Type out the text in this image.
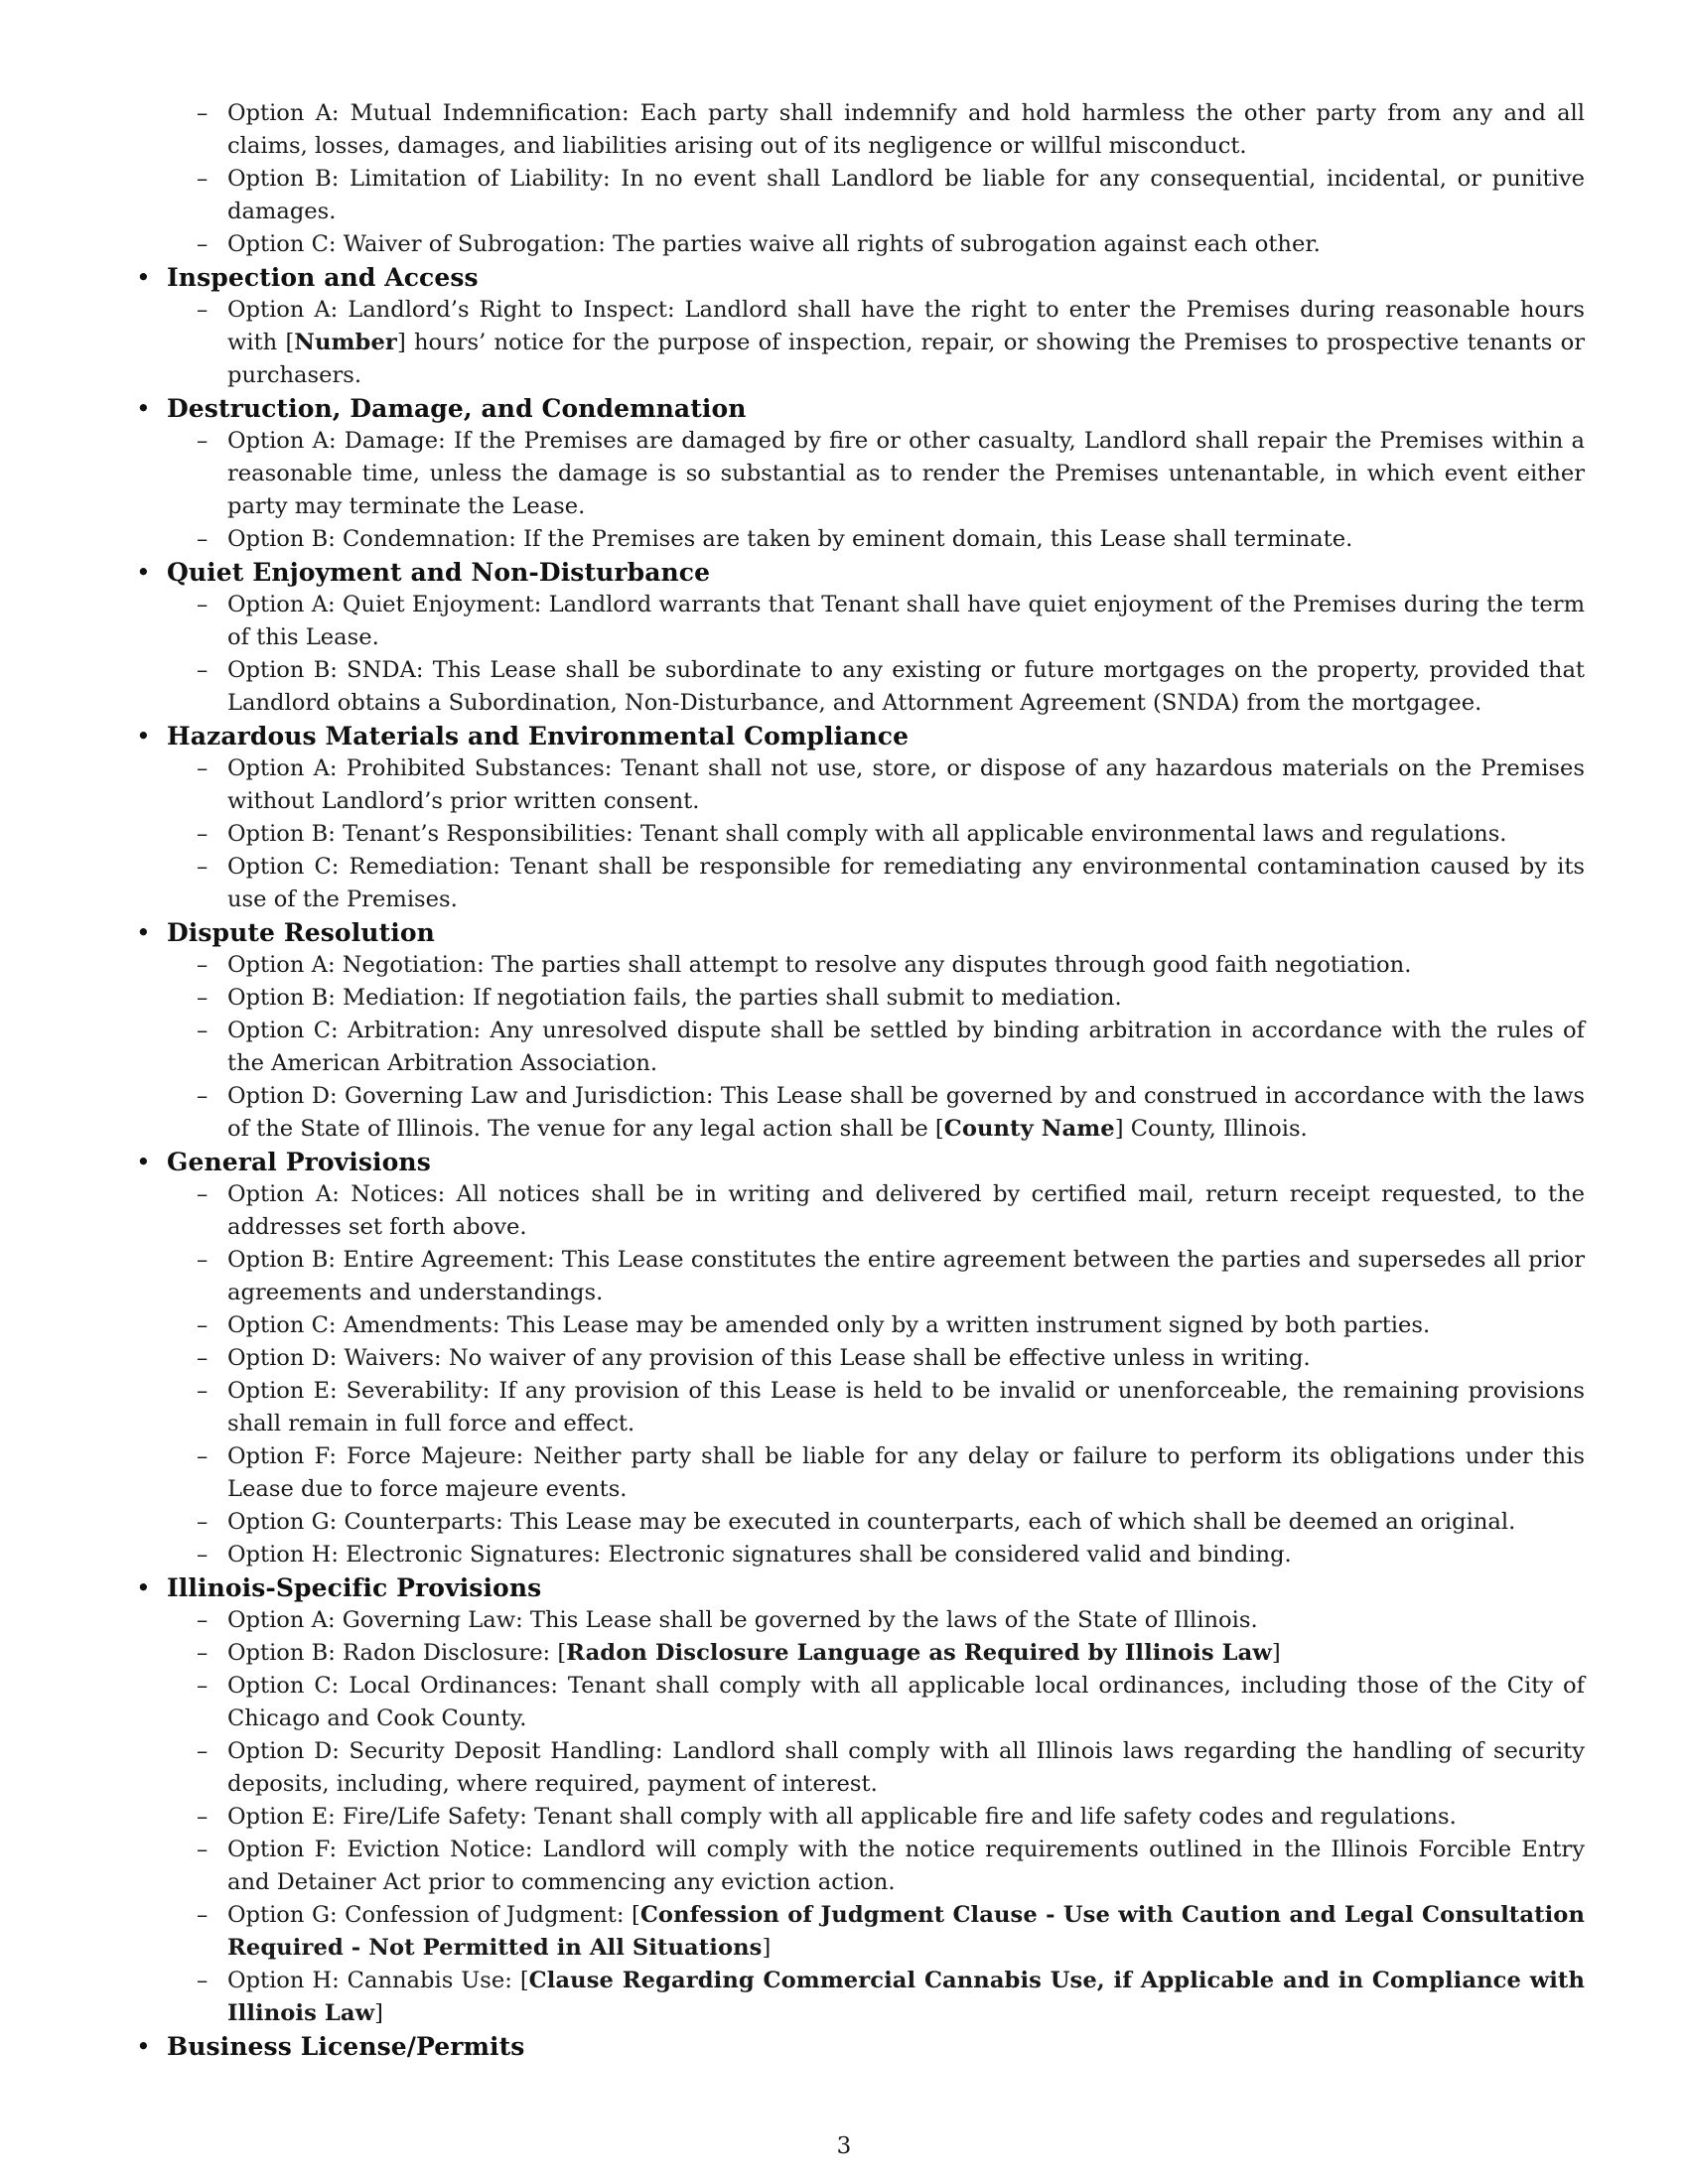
– Option A: Mutual Indemnification: Each party shall indemnify and hold harmless the other party from any and all claims, losses, damages, and liabilities arising out of its negligence or willful misconduct.
– Option B: Limitation of Liability: In no event shall Landlord be liable for any consequential, incidental, or punitive damages.
– Option C: Waiver of Subrogation: The parties waive all rights of subrogation against each other.
• Inspection and Access
– Option A: Landlord’s Right to Inspect: Landlord shall have the right to enter the Premises during reasonable hours with [Number] hours’ notice for the purpose of inspection, repair, or showing the Premises to prospective tenants or purchasers.
• Destruction, Damage, and Condemnation
– Option A: Damage: If the Premises are damaged by fire or other casualty, Landlord shall repair the Premises within a reasonable time, unless the damage is so substantial as to render the Premises untenantable, in which event either party may terminate the Lease.
– Option B: Condemnation: If the Premises are taken by eminent domain, this Lease shall terminate.
• Quiet Enjoyment and Non-Disturbance
– Option A: Quiet Enjoyment: Landlord warrants that Tenant shall have quiet enjoyment of the Premises during the term of this Lease.
– Option B: SNDA: This Lease shall be subordinate to any existing or future mortgages on the property, provided that Landlord obtains a Subordination, Non-Disturbance, and Attornment Agreement (SNDA) from the mortgagee.
• Hazardous Materials and Environmental Compliance
– Option A: Prohibited Substances: Tenant shall not use, store, or dispose of any hazardous materials on the Premises without Landlord’s prior written consent.
– Option B: Tenant’s Responsibilities: Tenant shall comply with all applicable environmental laws and regulations.
– Option C: Remediation: Tenant shall be responsible for remediating any environmental contamination caused by its use of the Premises.
• Dispute Resolution
– Option A: Negotiation: The parties shall attempt to resolve any disputes through good faith negotiation.
– Option B: Mediation: If negotiation fails, the parties shall submit to mediation.
– Option C: Arbitration: Any unresolved dispute shall be settled by binding arbitration in accordance with the rules of the American Arbitration Association.
– Option D: Governing Law and Jurisdiction: This Lease shall be governed by and construed in accordance with the laws of the State of Illinois. The venue for any legal action shall be [County Name] County, Illinois.
• General Provisions
– Option A: Notices: All notices shall be in writing and delivered by certified mail, return receipt requested, to the addresses set forth above.
– Option B: Entire Agreement: This Lease constitutes the entire agreement between the parties and supersedes all prior agreements and understandings.
– Option C: Amendments: This Lease may be amended only by a written instrument signed by both parties.
– Option D: Waivers: No waiver of any provision of this Lease shall be effective unless in writing.
– Option E: Severability: If any provision of this Lease is held to be invalid or unenforceable, the remaining provisions shall remain in full force and effect.
– Option F: Force Majeure: Neither party shall be liable for any delay or failure to perform its obligations under this Lease due to force majeure events.
– Option G: Counterparts: This Lease may be executed in counterparts, each of which shall be deemed an original.
– Option H: Electronic Signatures: Electronic signatures shall be considered valid and binding.
• Illinois-Specific Provisions
– Option A: Governing Law: This Lease shall be governed by the laws of the State of Illinois.
– Option B: Radon Disclosure: [Radon Disclosure Language as Required by Illinois Law]
– Option C: Local Ordinances: Tenant shall comply with all applicable local ordinances, including those of the City of Chicago and Cook County.
– Option D: Security Deposit Handling: Landlord shall comply with all Illinois laws regarding the handling of security deposits, including, where required, payment of interest.
– Option E: Fire/Life Safety: Tenant shall comply with all applicable fire and life safety codes and regulations.
– Option F: Eviction Notice: Landlord will comply with the notice requirements outlined in the Illinois Forcible Entry and Detainer Act prior to commencing any eviction action.
– Option G: Confession of Judgment: [Confession of Judgment Clause - Use with Caution and Legal Consultation Required - Not Permitted in All Situations]
– Option H: Cannabis Use: [Clause Regarding Commercial Cannabis Use, if Applicable and in Compliance with Illinois Law]
• Business License/Permits
3
